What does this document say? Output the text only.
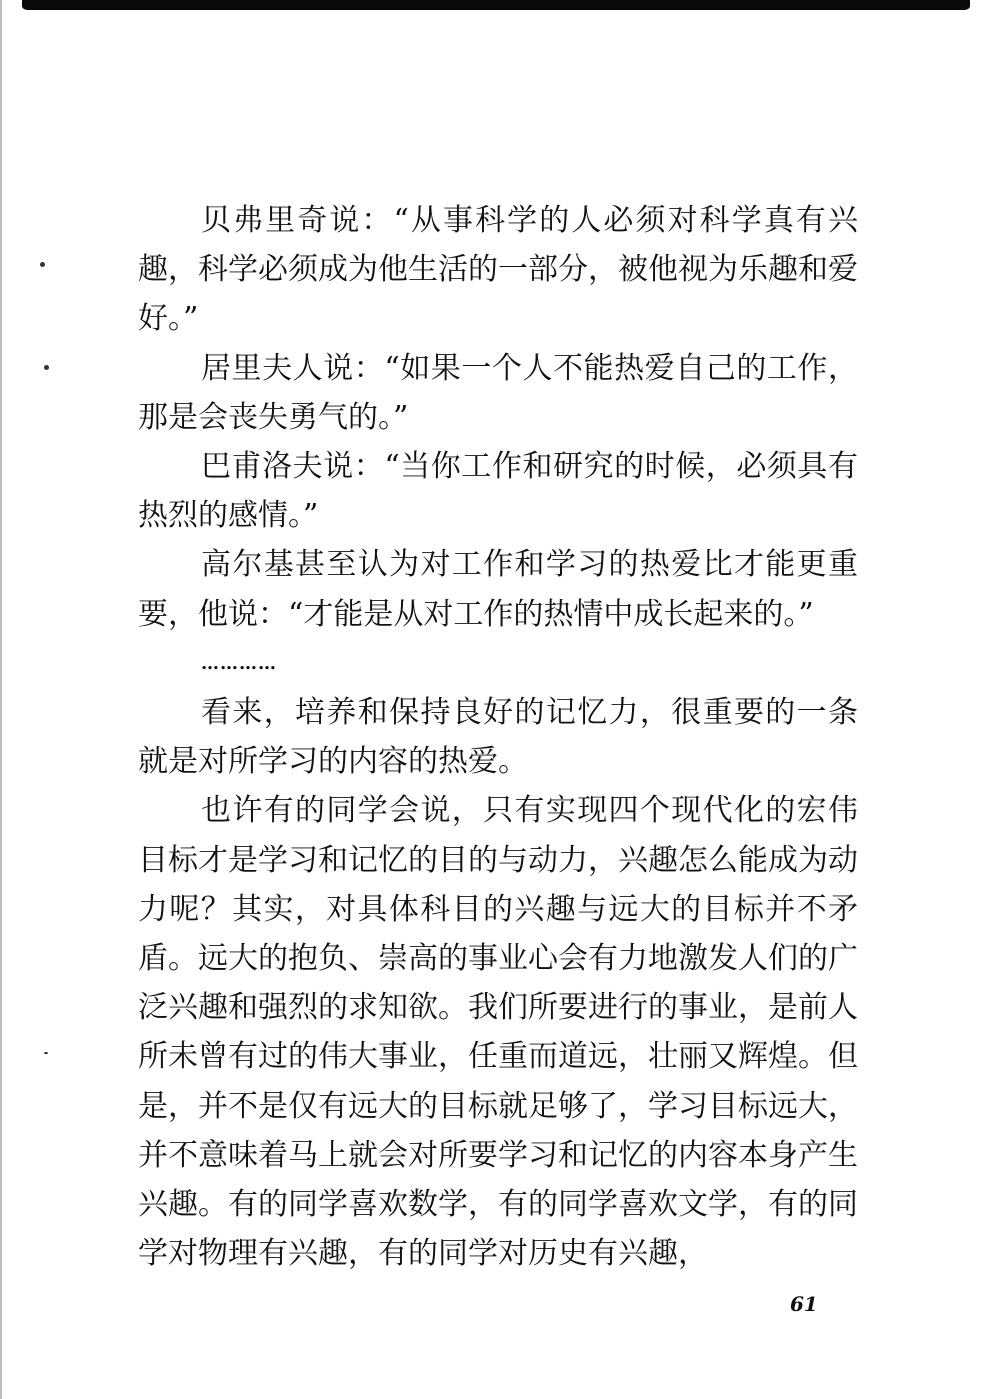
贝弗里奇说：“从事科学的人必须对科学真有兴趣，科学必须成为他生活的一部分，被他视为乐趣和爱好。”

居里夫人说：“如果一个人不能热爱自己的工作，那是会丧失勇气的。”

巴甫洛夫说：“当你工作和研究的时候，必须具有热烈的感情。”

高尔基甚至认为对工作和学习的热爱比才能更重要，他说：“才能是从对工作的热情中成长起来的。”

…………

看来，培养和保持良好的记忆力，很重要的一条就是对所学习的内容的热爱。

也许有的同学会说，只有实现四个现代化的宏伟目标才是学习和记忆的目的与动力，兴趣怎么能成为动力呢？其实，对具体科目的兴趣与远大的目标并不矛盾。远大的抱负、崇高的事业心会有力地激发人们的广泛兴趣和强烈的求知欲。我们所要进行的事业，是前人所未曾有过的伟大事业，任重而道远，壮丽又辉煌。但是，并不是仅有远大的目标就足够了，学习目标远大，并不意味着马上就会对所要学习和记忆的内容本身产生兴趣。有的同学喜欢数学，有的同学喜欢文学，有的同学对物理有兴趣，有的同学对历史有兴趣，

61
